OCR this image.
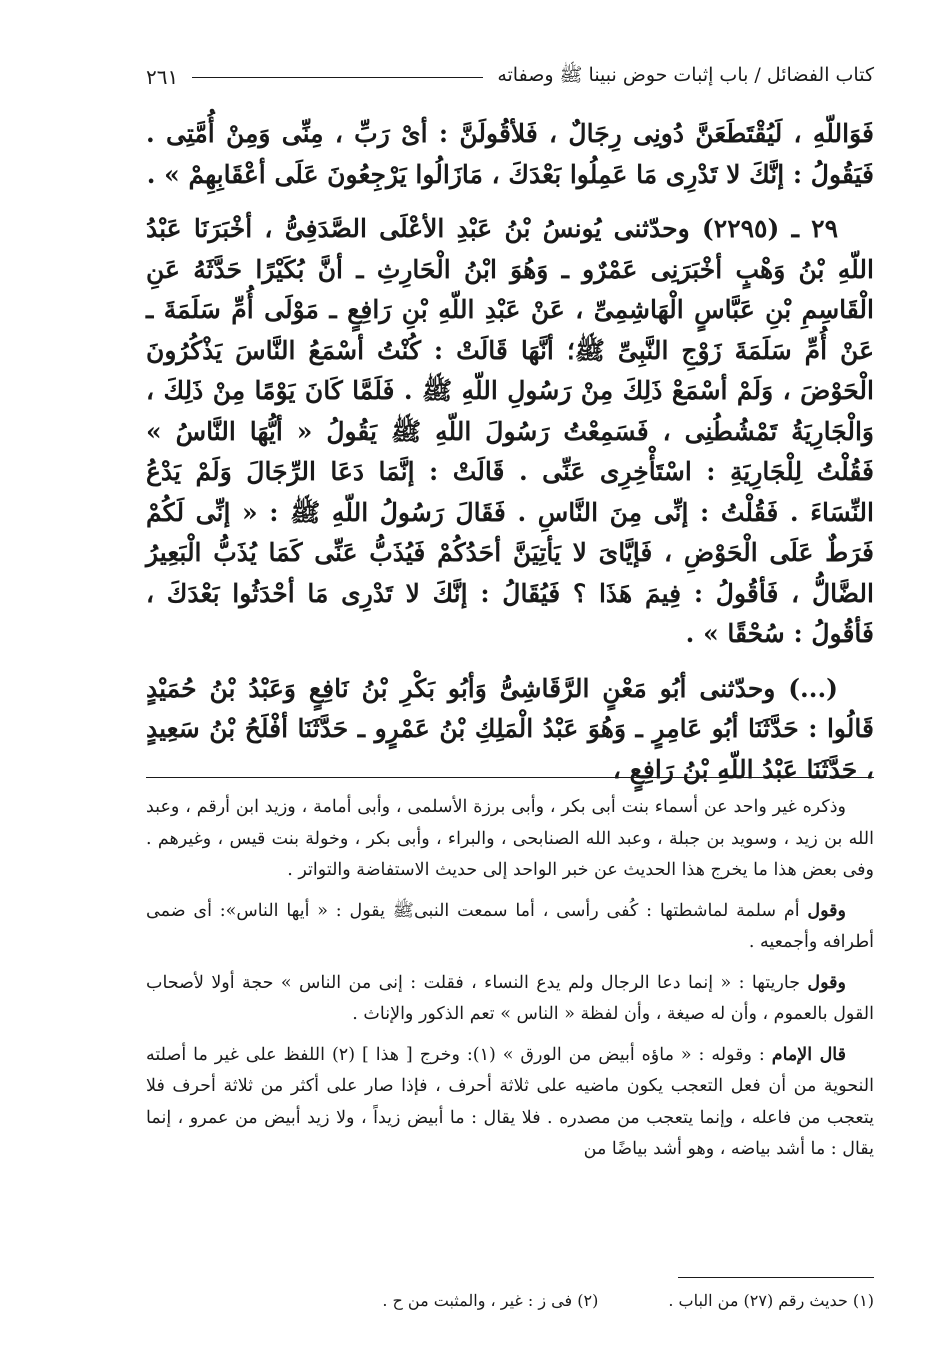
كتاب الفضائل / باب إثبات حوض نبينا ﷺ وصفاته
٢٦١

فَوَاللّهِ ، لَيُقْتَطَعَنَّ دُونِى رِجَالٌ ، فَلأقُولَنَّ : أىْ رَبِّ ، مِنِّى وَمِنْ أُمَّتِى . فَيَقُولُ : إنَّكَ لا تَدْرِى مَا عَمِلُوا بَعْدَكَ ، مَازَالُوا يَرْجِعُونَ عَلَى أعْقَابِهِمْ » .

٢٩ ـ (٢٢٩٥) وحدّثنى يُونسُ بْنُ عَبْدِ الأعْلَى الصَّدَفِىُّ ، أخْبَرَنَا عَبْدُ اللّهِ بْنُ وَهْبٍ أخْبَرَنِى عَمْرٌو ـ وَهُوَ ابْنُ الْحَارِثِ ـ أنَّ بُكَيْرًا حَدَّثَهُ عَنِ الْقَاسِمِ بْنِ عَبَّاسٍ الْهَاشِمِىِّ ، عَنْ عَبْدِ اللّهِ بْنِ رَافِعٍ ـ مَوْلَى أُمِّ سَلَمَةَ ـ عَنْ أُمِّ سَلَمَةَ زَوْجِ النَّبِىِّ ﷺ؛ أنَّهَا قَالَتْ : كُنْتُ أسْمَعُ النَّاسَ يَذْكُرُونَ الْحَوْضَ ، وَلَمْ أسْمَعْ ذَلِكَ مِنْ رَسُولِ اللّهِ ﷺ . فَلَمَّا كَانَ يَوْمًا مِنْ ذَلِكَ ، وَالْجَارِيَةُ تَمْشُطُنِى ، فَسَمِعْتُ رَسُولَ اللّهِ ﷺ يَقُولُ « أيُّهَا النَّاسُ » فَقُلْتُ لِلْجَارِيَةِ : اسْتَأْخِرِى عَنِّى . قَالَتْ : إنَّمَا دَعَا الرِّجَالَ وَلَمْ يَدْعُ النِّسَاءَ . فَقُلْتُ : إنِّى مِنَ النَّاسِ . فَقَالَ رَسُولُ اللّهِ ﷺ : « إنِّى لَكُمْ فَرَطٌ عَلَى الْحَوْضِ ، فَإيَّاىَ لا يَأتِيَنَّ أحَدُكُمْ فَيُذَبُّ عَنِّى كَمَا يُذَبُّ الْبَعِيرُ الضَّالُّ ، فَأقُولُ : فِيمَ هَذَا ؟ فَيُقَالُ : إنَّكَ لا تَدْرِى مَا أحْدَثُوا بَعْدَكَ ، فَأقُولُ : سُحْقًا » .

(...) وحدّثنى أبُو مَعْنٍ الرَّقَاشِىُّ وَأبُو بَكْرِ بْنُ نَافِعٍ وَعَبْدُ بْنُ حُمَيْدٍ قَالُوا : حَدَّثَنَا أبُو عَامِرٍ ـ وَهُوَ عَبْدُ الْمَلِكِ بْنُ عَمْرٍو ـ حَدَّثَنَا أفْلَحُ بْنُ سَعِيدٍ ، حَدَّثَنَا عَبْدُ اللّهِ بْنُ رَافِعٍ ،

وذكره غير واحد عن أسماء بنت أبى بكر ، وأبى برزة الأسلمى ، وأبى أمامة ، وزيد ابن أرقم ، وعبد الله بن زيد ، وسويد بن جبلة ، وعبد الله الصنابحى ، والبراء ، وأبى بكر ، وخولة بنت قيس ، وغيرهم . وفى بعض هذا ما يخرج هذا الحديث عن خبر الواحد إلى حديث الاستفاضة والتواتر .

وقول أم سلمة لماشطتها : كُفى رأسى ، أما سمعت النبىﷺ يقول : « أيها الناس»: أى ضمى أطرافه وأجمعيه .

وقول جاريتها : « إنما دعا الرجال ولم يدع النساء ، فقلت : إنى من الناس » حجة أولا لأصحاب القول بالعموم ، وأن له صيغة ، وأن لفظة « الناس » تعم الذكور والإناث .

قال الإمام : وقوله : « ماؤه أبيض من الورق » (١): وخرج [ هذا ] (٢) اللفظ على غير ما أصلته النحوية من أن فعل التعجب يكون ماضيه على ثلاثة أحرف ، فإذا صار على أكثر من ثلاثة أحرف فلا يتعجب من فاعله ، وإنما يتعجب من مصدره . فلا يقال : ما أبيض زيداً ، ولا زيد أبيض من عمرو ، إنما يقال : ما أشد بياضه ، وهو أشد بياضًا من

(١) حديث رقم (٢٧) من الباب .
(٢) فى ز : غير ، والمثبت من ح .
